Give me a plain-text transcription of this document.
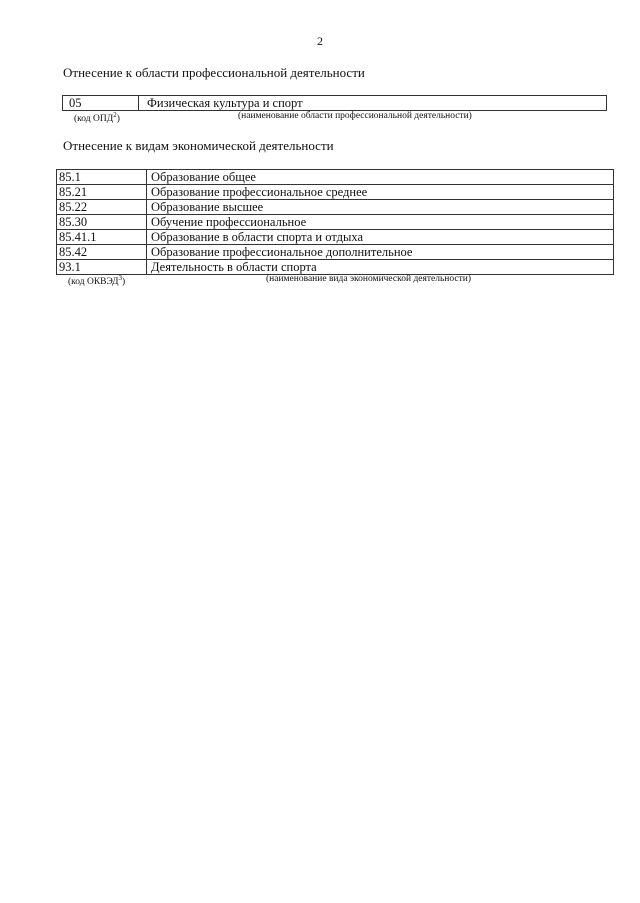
2
Отнесение к области профессиональной деятельности
05	Физическая культура и спорт
(код ОПД$^2$)	(наименование области профессиональной деятельности)
Отнесение к видам экономической деятельности
85.1	Образование общее
85.21	Образование профессиональное среднее
85.22	Образование высшее
85.30	Обучение профессиональное
85.41.1	Образование в области спорта и отдыха
85.42	Образование профессиональное дополнительное
93.1	Деятельность в области спорта
(код ОКВЭД$^3$)	(наименование вида экономической деятельности)
